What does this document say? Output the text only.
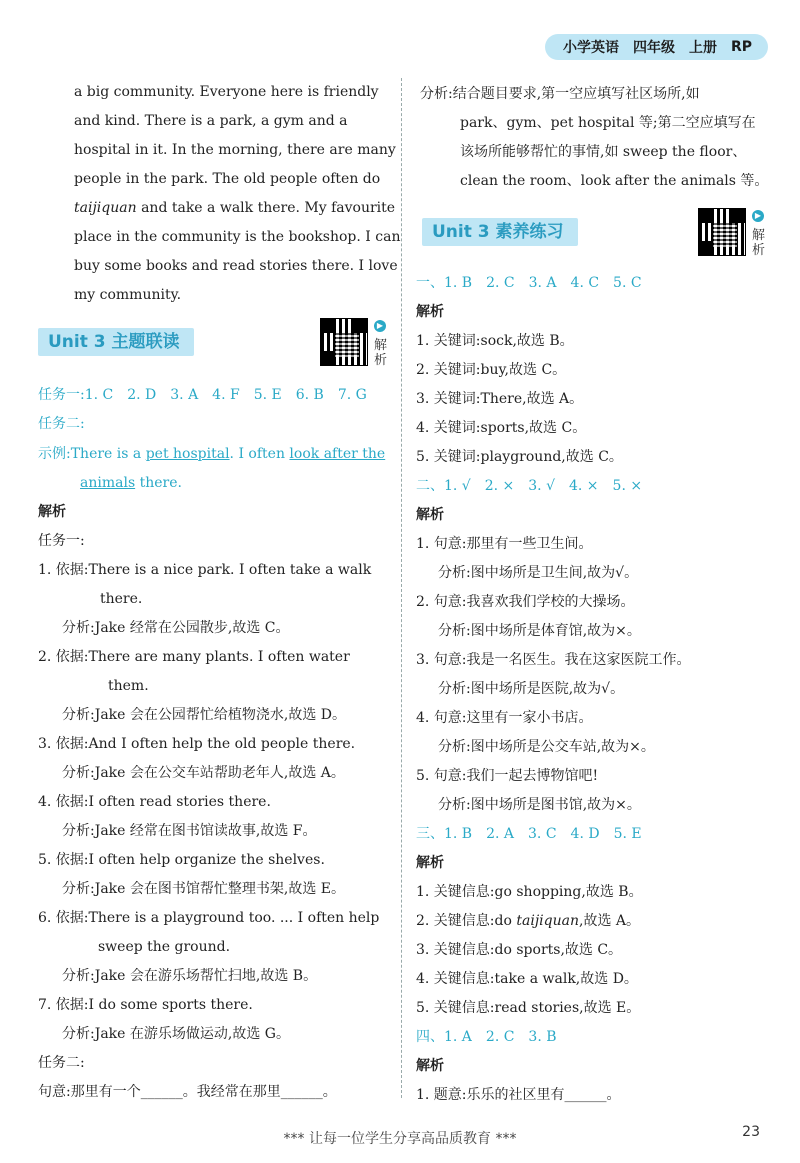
小学英语 四年级 上册 RP
a big community. Everyone here is friendly
and kind. There is a park, a gym and a
hospital in it. In the morning, there are many
people in the park. The old people often do
taijiquan and take a walk there. My favourite
place in the community is the bookshop. I can
buy some books and read stories there. I love
my community.
Unit 3 主题联读
▶
解
析
任务一:1. C　2. D　3. A　4. F　5. E　6. B　7. G
任务二:
示例:There is a pet hospital. I often look after the
animals there.
解析
任务一:
1. 依据:There is a nice park. I often take a walk
there.
分析:Jake 经常在公园散步,故选 C。
2. 依据:There are many plants. I often water
them.
分析:Jake 会在公园帮忙给植物浇水,故选 D。
3. 依据:And I often help the old people there.
分析:Jake 会在公交车站帮助老年人,故选 A。
4. 依据:I often read stories there.
分析:Jake 经常在图书馆读故事,故选 F。
5. 依据:I often help organize the shelves.
分析:Jake 会在图书馆帮忙整理书架,故选 E。
6. 依据:There is a playground too. ... I often help
sweep the ground.
分析:Jake 会在游乐场帮忙扫地,故选 B。
7. 依据:I do some sports there.
分析:Jake 在游乐场做运动,故选 G。
任务二:
句意:那里有一个______。我经常在那里______。
分析:结合题目要求,第一空应填写社区场所,如
park、gym、pet hospital 等;第二空应填写在
该场所能够帮忙的事情,如 sweep the floor、
clean the room、look after the animals 等。
Unit 3 素养练习
▶
解
析
一、1. B　2. C　3. A　4. C　5. C
解析
1. 关键词:sock,故选 B。
2. 关键词:buy,故选 C。
3. 关键词:There,故选 A。
4. 关键词:sports,故选 C。
5. 关键词:playground,故选 C。
二、1. √　2. ×　3. √　4. ×　5. ×
解析
1. 句意:那里有一些卫生间。
分析:图中场所是卫生间,故为√。
2. 句意:我喜欢我们学校的大操场。
分析:图中场所是体育馆,故为×。
3. 句意:我是一名医生。我在这家医院工作。
分析:图中场所是医院,故为√。
4. 句意:这里有一家小书店。
分析:图中场所是公交车站,故为×。
5. 句意:我们一起去博物馆吧!
分析:图中场所是图书馆,故为×。
三、1. B　2. A　3. C　4. D　5. E
解析
1. 关键信息:go shopping,故选 B。
2. 关键信息:do taijiquan,故选 A。
3. 关键信息:do sports,故选 C。
4. 关键信息:take a walk,故选 D。
5. 关键信息:read stories,故选 E。
四、1. A　2. C　3. B
解析
1. 题意:乐乐的社区里有______。
*** 让每一位学生分享高品质教育 ***	23
